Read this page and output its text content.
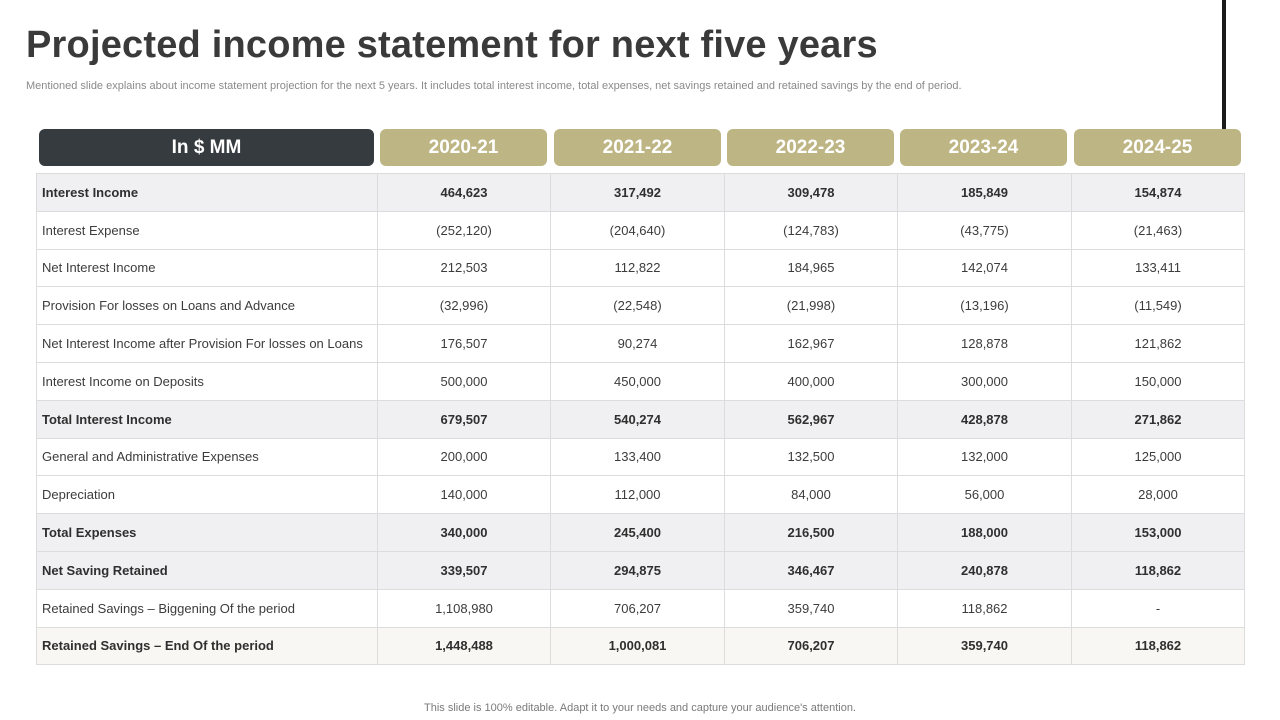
Projected income statement for next five years

Mentioned slide explains about income statement projection for the next 5 years. It includes total interest income, total expenses, net savings retained and retained savings by the end of period.

In $ MM	2020-21	2021-22	2022-23	2023-24	2024-25
Interest Income	464,623	317,492	309,478	185,849	154,874
Interest Expense	(252,120)	(204,640)	(124,783)	(43,775)	(21,463)
Net Interest Income	212,503	112,822	184,965	142,074	133,411
Provision For losses on Loans and Advance	(32,996)	(22,548)	(21,998)	(13,196)	(11,549)
Net Interest Income after Provision For losses on Loans	176,507	90,274	162,967	128,878	121,862
Interest Income on Deposits	500,000	450,000	400,000	300,000	150,000
Total Interest Income	679,507	540,274	562,967	428,878	271,862
General and Administrative Expenses	200,000	133,400	132,500	132,000	125,000
Depreciation	140,000	112,000	84,000	56,000	28,000
Total Expenses	340,000	245,400	216,500	188,000	153,000
Net Saving Retained	339,507	294,875	346,467	240,878	118,862
Retained Savings – Biggening Of the period	1,108,980	706,207	359,740	118,862	-
Retained Savings – End Of the period	1,448,488	1,000,081	706,207	359,740	118,862
This slide is 100% editable. Adapt it to your needs and capture your audience's attention.
